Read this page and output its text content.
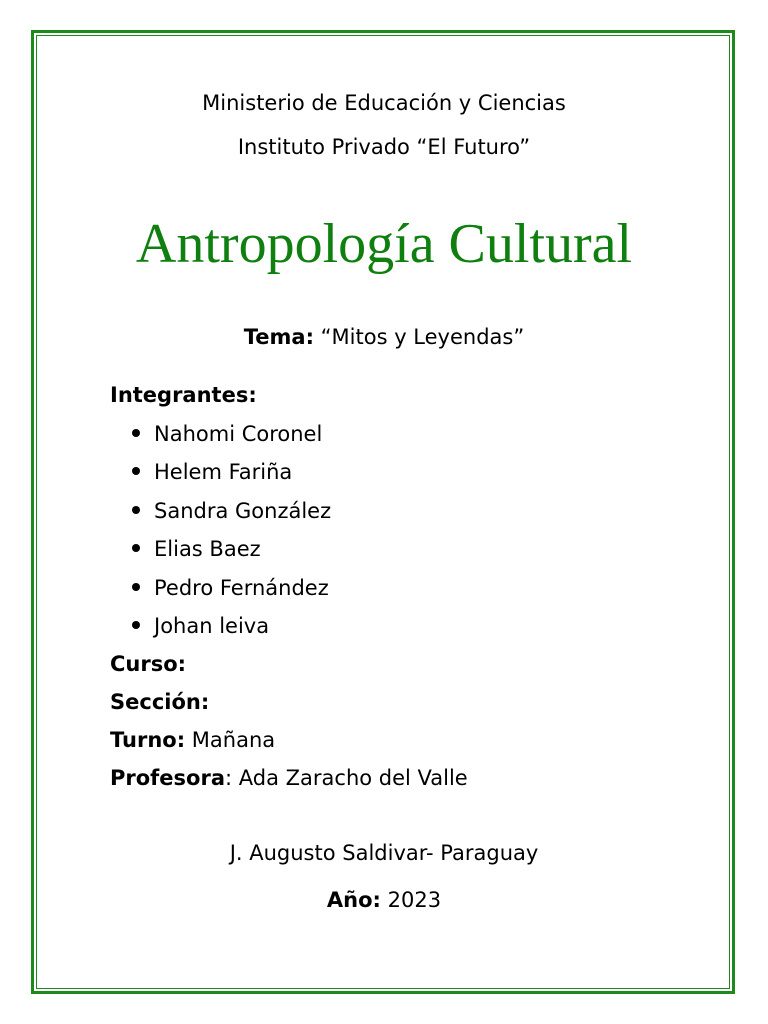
Ministerio de Educación y Ciencias
Instituto Privado “El Futuro”
Antropología Cultural
Tema: “Mitos y Leyendas”
Integrantes:
Nahomi Coronel
Helem Fariña
Sandra González
Elias Baez
Pedro Fernández
Johan leiva
Curso:
Sección:
Turno: Mañana
Profesora: Ada Zaracho del Valle
J. Augusto Saldivar- Paraguay
Año: 2023
